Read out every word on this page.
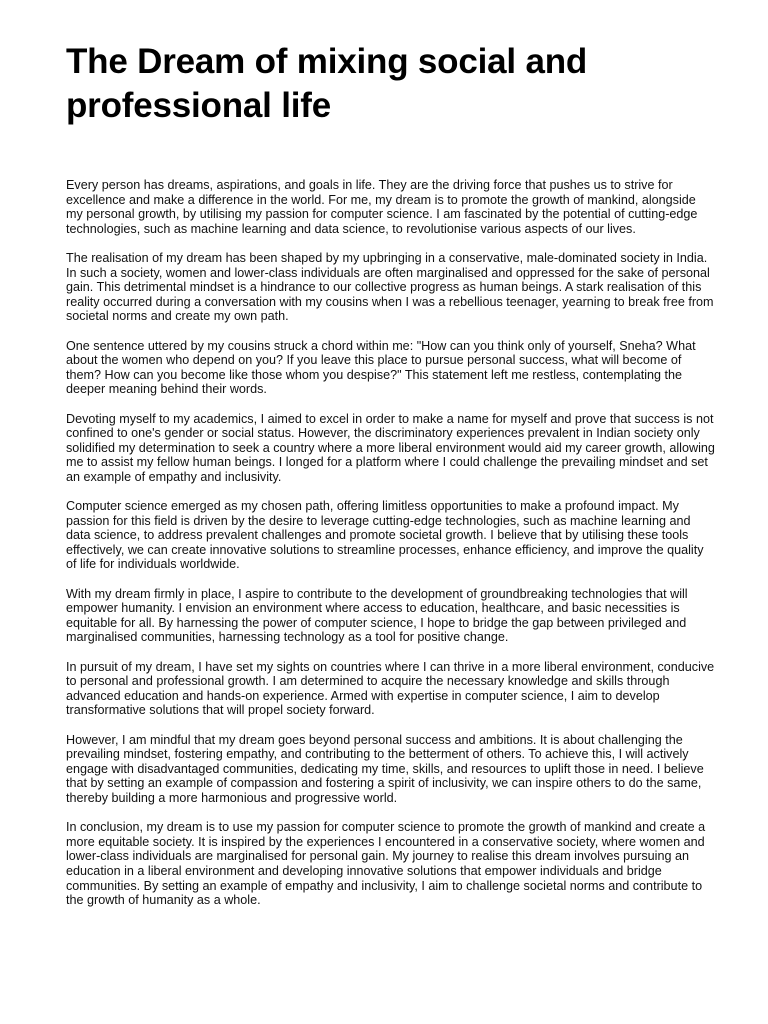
The Dream of mixing social and professional life

Every person has dreams, aspirations, and goals in life. They are the driving force that pushes us to strive for excellence and make a difference in the world. For me, my dream is to promote the growth of mankind, alongside my personal growth, by utilising my passion for computer science. I am fascinated by the potential of cutting-edge technologies, such as machine learning and data science, to revolutionise various aspects of our lives.

The realisation of my dream has been shaped by my upbringing in a conservative, male-dominated society in India. In such a society, women and lower-class individuals are often marginalised and oppressed for the sake of personal gain. This detrimental mindset is a hindrance to our collective progress as human beings. A stark realisation of this reality occurred during a conversation with my cousins when I was a rebellious teenager, yearning to break free from societal norms and create my own path.

One sentence uttered by my cousins struck a chord within me: "How can you think only of yourself, Sneha? What about the women who depend on you? If you leave this place to pursue personal success, what will become of them? How can you become like those whom you despise?" This statement left me restless, contemplating the deeper meaning behind their words.

Devoting myself to my academics, I aimed to excel in order to make a name for myself and prove that success is not confined to one's gender or social status. However, the discriminatory experiences prevalent in Indian society only solidified my determination to seek a country where a more liberal environment would aid my career growth, allowing me to assist my fellow human beings. I longed for a platform where I could challenge the prevailing mindset and set an example of empathy and inclusivity.

Computer science emerged as my chosen path, offering limitless opportunities to make a profound impact. My passion for this field is driven by the desire to leverage cutting-edge technologies, such as machine learning and data science, to address prevalent challenges and promote societal growth. I believe that by utilising these tools effectively, we can create innovative solutions to streamline processes, enhance efficiency, and improve the quality of life for individuals worldwide.

With my dream firmly in place, I aspire to contribute to the development of groundbreaking technologies that will empower humanity. I envision an environment where access to education, healthcare, and basic necessities is equitable for all. By harnessing the power of computer science, I hope to bridge the gap between privileged and marginalised communities, harnessing technology as a tool for positive change.

In pursuit of my dream, I have set my sights on countries where I can thrive in a more liberal environment, conducive to personal and professional growth. I am determined to acquire the necessary knowledge and skills through advanced education and hands-on experience. Armed with expertise in computer science, I aim to develop transformative solutions that will propel society forward.

However, I am mindful that my dream goes beyond personal success and ambitions. It is about challenging the prevailing mindset, fostering empathy, and contributing to the betterment of others. To achieve this, I will actively engage with disadvantaged communities, dedicating my time, skills, and resources to uplift those in need. I believe that by setting an example of compassion and fostering a spirit of inclusivity, we can inspire others to do the same, thereby building a more harmonious and progressive world.

In conclusion, my dream is to use my passion for computer science to promote the growth of mankind and create a more equitable society. It is inspired by the experiences I encountered in a conservative society, where women and lower-class individuals are marginalised for personal gain. My journey to realise this dream involves pursuing an education in a liberal environment and developing innovative solutions that empower individuals and bridge communities. By setting an example of empathy and inclusivity, I aim to challenge societal norms and contribute to the growth of humanity as a whole.
